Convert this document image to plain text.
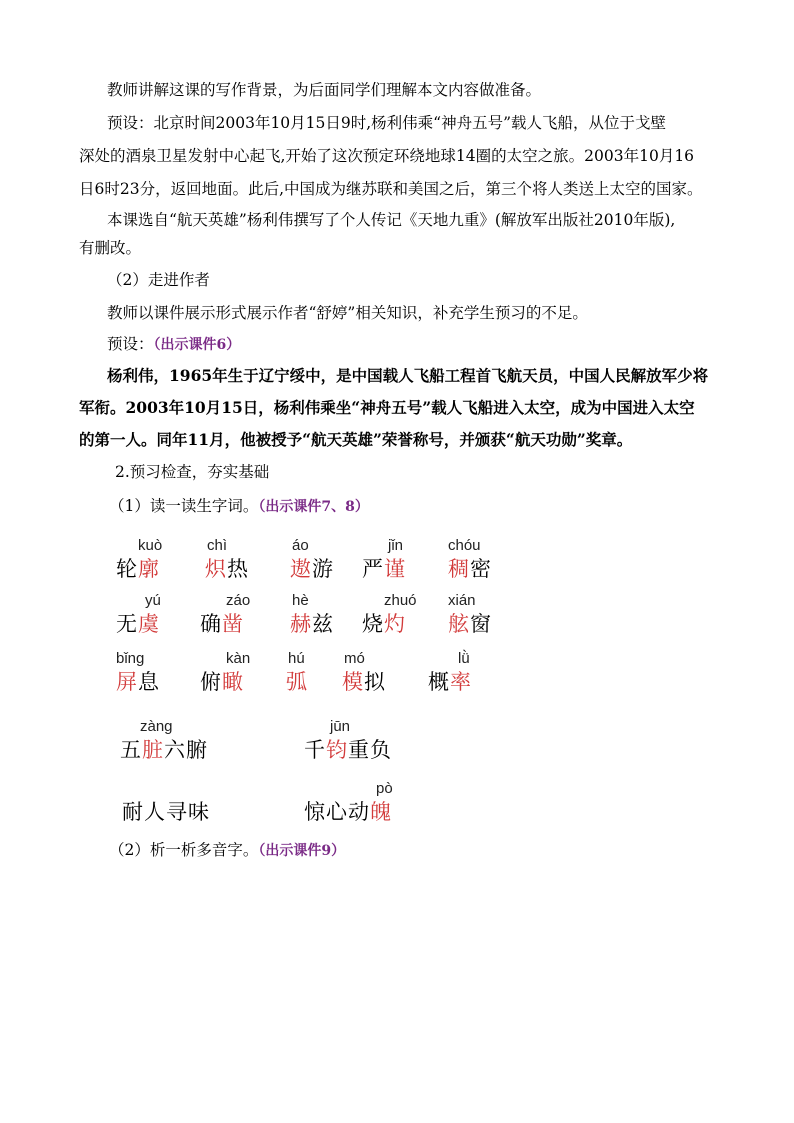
教师讲解这课的写作背景，为后面同学们理解本文内容做准备。
预设：北京时间2003年10月15日9时,杨利伟乘“神舟五号”载人飞船，从位于戈壁
深处的酒泉卫星发射中心起飞,开始了这次预定环绕地球14圈的太空之旅。2003年10月16
日6时23分，返回地面。此后,中国成为继苏联和美国之后，第三个将人类送上太空的国家。
本课选自“航天英雄”杨利伟撰写了个人传记《天地九重》(解放军出版社2010年版),
有删改。
（2）走进作者
教师以课件展示形式展示作者“舒婷”相关知识，补充学生预习的不足。
预设：（出示课件6）
杨利伟，1965年生于辽宁绥中，是中国载人飞船工程首飞航天员，中国人民解放军少将
军衔。2003年10月15日，杨利伟乘坐“神舟五号”载人飞船进入太空，成为中国进入太空
的第一人。同年11月，他被授予“航天英雄”荣誉称号，并颁获“航天功勋”奖章。
2.预习检查，夯实基础
（1）读一读生字词。（出示课件7、8）
kuò
轮廓
chì
炽热
áo
遨游
jǐn
严谨
chóu
稠密
yú
无虞
záo
确凿
hè
赫兹
zhuó
烧灼
xián
舷窗
bǐng
屏息
kàn
俯瞰
hú
弧
mó
模拟
lǜ
概率
zàng
五脏六腑
jūn
千钧重负
耐人寻味
pò
惊心动魄
（2）析一析多音字。（出示课件9）
